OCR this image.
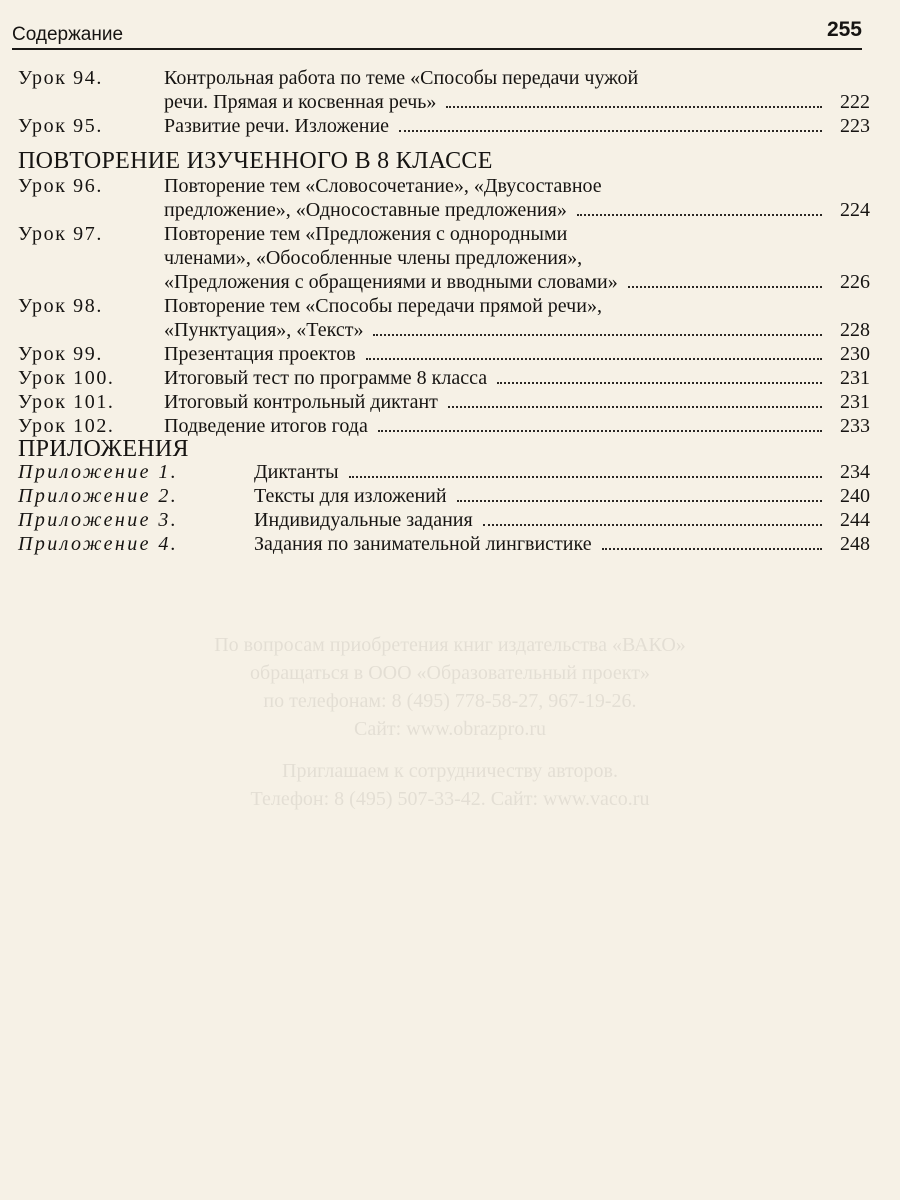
Содержание	255
По вопросам приобретения книг издательства «ВАКО»
обращаться в ООО «Образовательный проект»
по телефонам: 8 (495) 778-58-27, 967-19-26.
Сайт: www.obrazpro.ru
Приглашаем к сотрудничеству авторов.
Телефон: 8 (495) 507-33-42. Сайт: www.vaco.ru
Урок 94.	Контрольная работа по теме «Способы передачи чужой
речи. Прямая и косвенная речь»	222
Урок 95.	Развитие речи. Изложение	223
ПОВТОРЕНИЕ ИЗУЧЕННОГО В 8 КЛАССЕ
Урок 96.	Повторение тем «Словосочетание», «Двусоставное
предложение», «Односоставные предложения»	224
Урок 97.	Повторение тем «Предложения с однородными
членами», «Обособленные члены предложения»,
«Предложения с обращениями и вводными словами»	226
Урок 98.	Повторение тем «Способы передачи прямой речи»,
«Пунктуация», «Текст»	228
Урок 99.	Презентация проектов	230
Урок 100.	Итоговый тест по программе 8 класса	231
Урок 101.	Итоговый контрольный диктант	231
Урок 102.	Подведение итогов года	233
ПРИЛОЖЕНИЯ
Приложение 1.	Диктанты	234
Приложение 2.	Тексты для изложений	240
Приложение 3.	Индивидуальные задания	244
Приложение 4.	Задания по занимательной лингвистике	248
